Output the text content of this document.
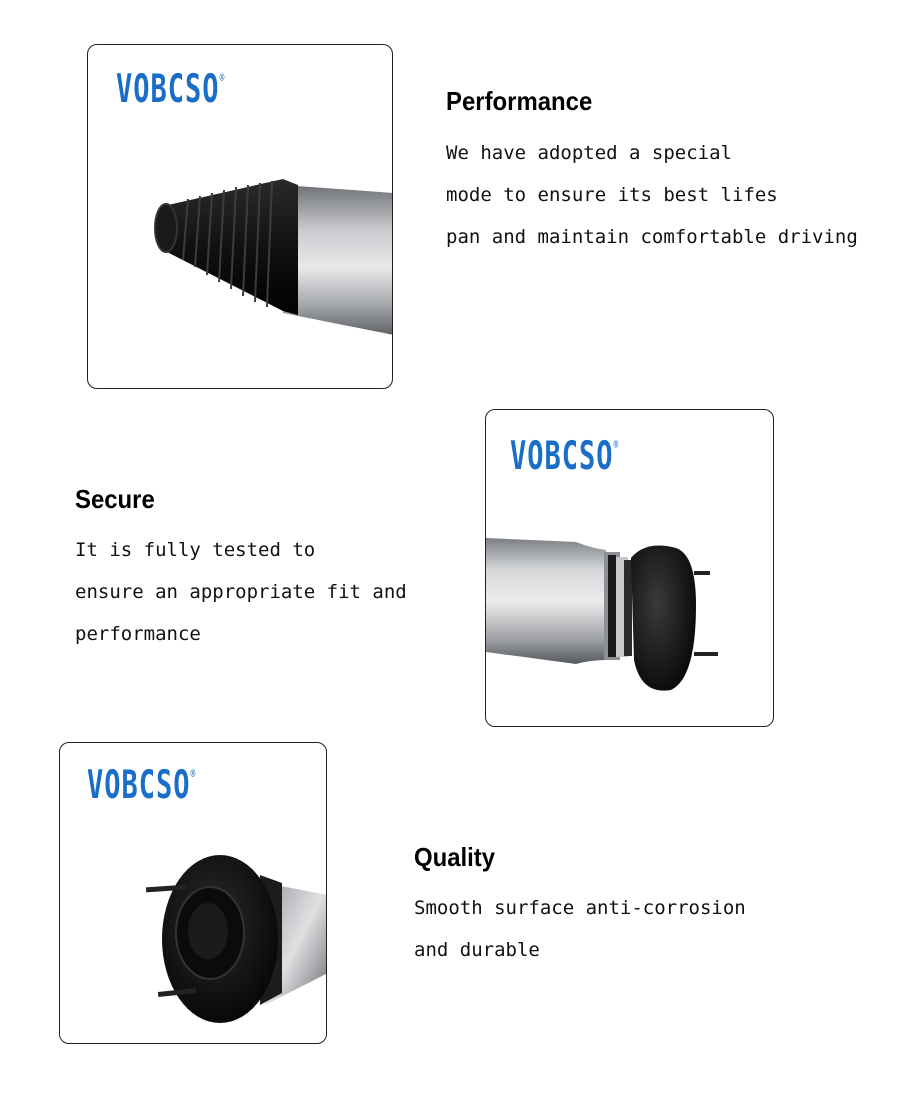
VOBCSO®
Performance
We have adopted a special
mode to ensure its best lifes
pan and maintain comfortable driving
Secure
It is fully tested to
ensure an appropriate fit and
performance
VOBCSO®
VOBCSO®
Quality
Smooth surface anti-corrosion
and durable
